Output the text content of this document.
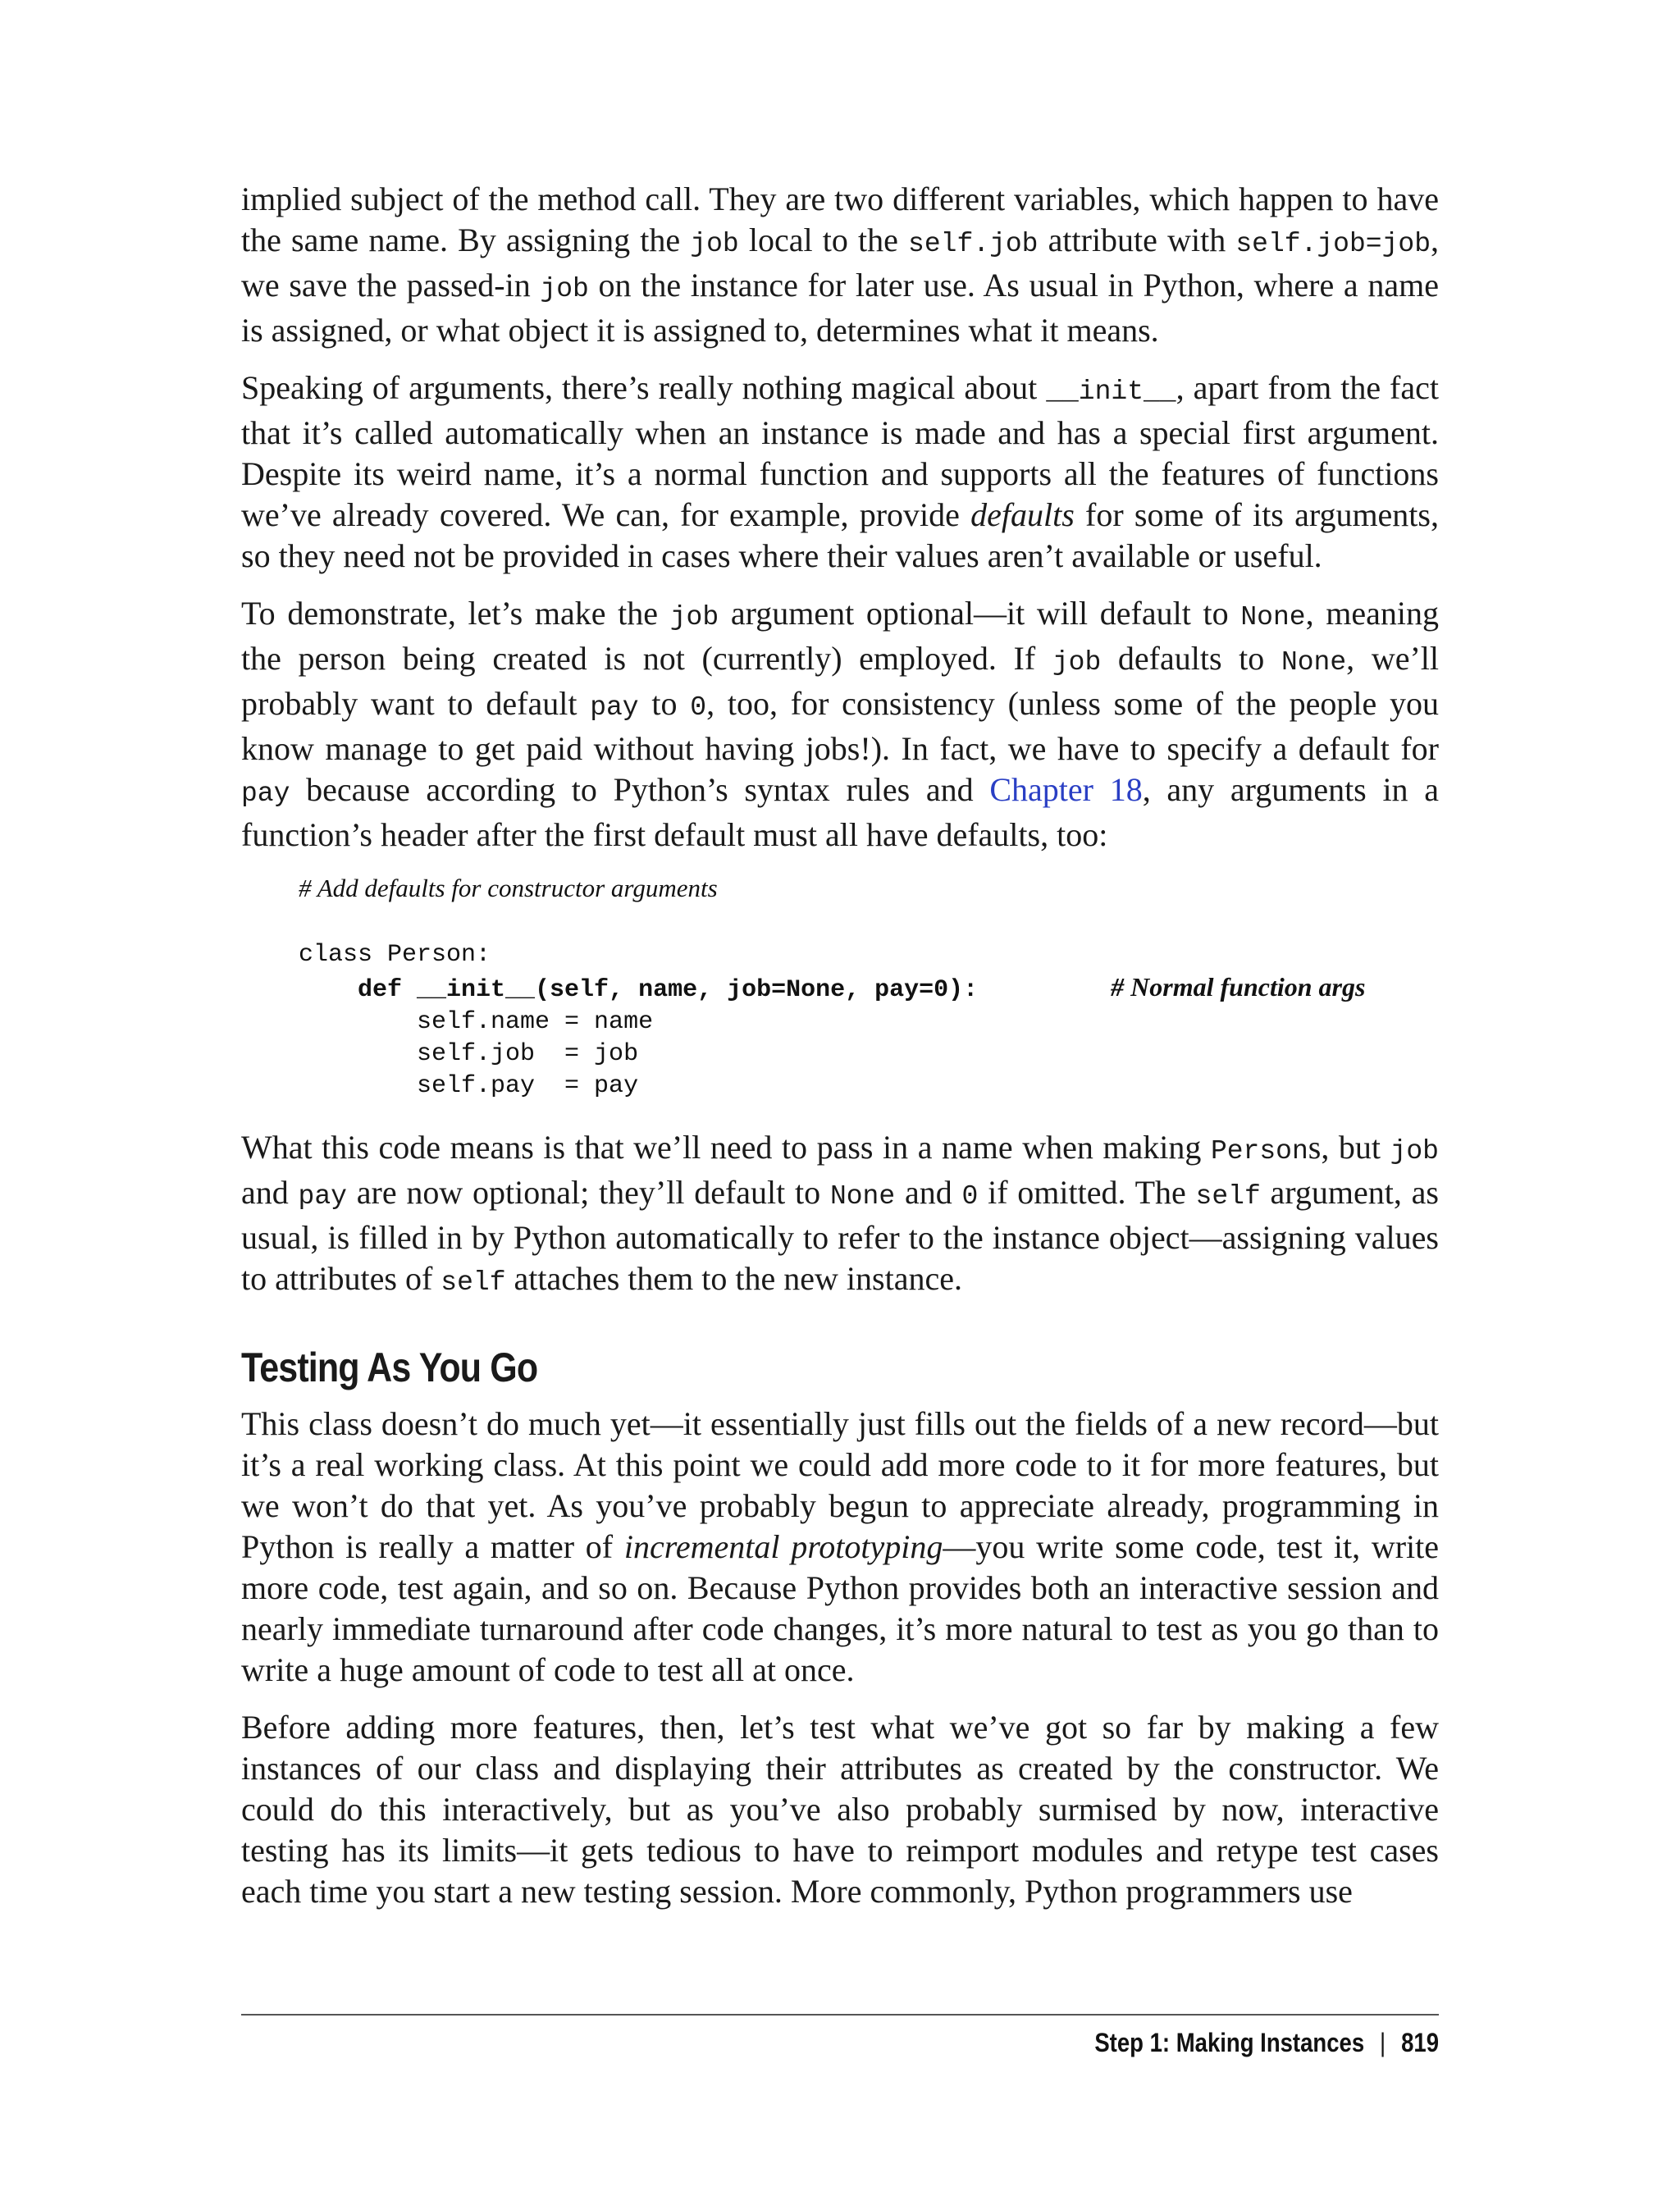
implied subject of the method call. They are two different variables, which happen to have the same name. By assigning the job local to the self.job attribute with self.job=job, we save the passed-in job on the instance for later use. As usual in Python, where a name is assigned, or what object it is assigned to, determines what it means.

Speaking of arguments, there’s really nothing magical about __init__, apart from the fact that it’s called automatically when an instance is made and has a special first argument. Despite its weird name, it’s a normal function and supports all the features of functions we’ve already covered. We can, for example, provide defaults for some of its arguments, so they need not be provided in cases where their values aren’t available or useful.

To demonstrate, let’s make the job argument optional—it will default to None, meaning the person being created is not (currently) employed. If job defaults to None, we’ll probably want to default pay to 0, too, for consistency (unless some of the people you know manage to get paid without having jobs!). In fact, we have to specify a default for pay because according to Python’s syntax rules and Chapter 18, any arguments in a function’s header after the first default must all have defaults, too:

# Add defaults for constructor arguments

class Person:
def __init__(self, name, job=None, pay=0):	# Normal function args
self.name = name
self.job  = job
self.pay  = pay

What this code means is that we’ll need to pass in a name when making Persons, but job and pay are now optional; they’ll default to None and 0 if omitted. The self argument, as usual, is filled in by Python automatically to refer to the instance object—assigning values to attributes of self attaches them to the new instance.

Testing As You Go

This class doesn’t do much yet—it essentially just fills out the fields of a new record—but it’s a real working class. At this point we could add more code to it for more features, but we won’t do that yet. As you’ve probably begun to appreciate already, programming in Python is really a matter of incremental prototyping—you write some code, test it, write more code, test again, and so on. Because Python provides both an interactive session and nearly immediate turnaround after code changes, it’s more natural to test as you go than to write a huge amount of code to test all at once.

Before adding more features, then, let’s test what we’ve got so far by making a few instances of our class and displaying their attributes as created by the constructor. We could do this interactively, but as you’ve also probably surmised by now, interactive testing has its limits—it gets tedious to have to reimport modules and retype test cases each time you start a new testing session. More commonly, Python programmers use

Step 1: Making Instances | 819
